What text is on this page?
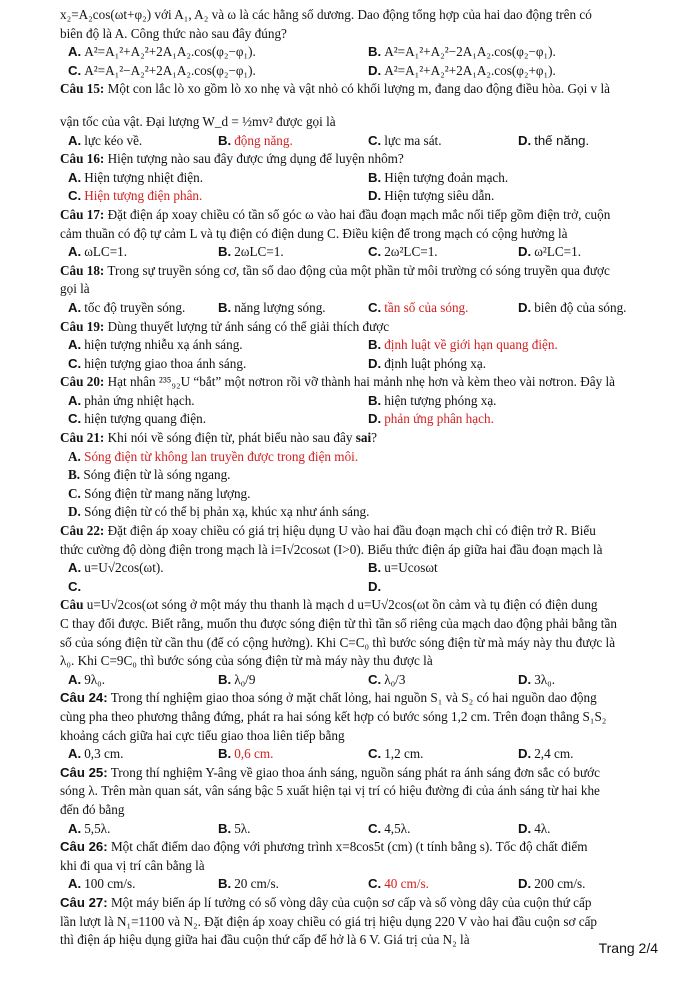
x₂=A₂cos(ωt+φ₂) với A₁, A₂ và ω là các hằng số dương. Dao động tổng hợp của hai dao động trên có
biên độ là A. Công thức nào sau đây đúng?
A. A²=A₁²+A₂²+2A₁A₂.cos(φ₂−φ₁).	B. A²=A₁²+A₂²−2A₁A₂.cos(φ₂−φ₁).
C. A²=A₁²−A₂²+2A₁A₂.cos(φ₂−φ₁).	D. A²=A₁²+A₂²+2A₁A₂.cos(φ₂+φ₁).
Câu 15: Một con lắc lò xo gồm lò xo nhẹ và vật nhỏ có khối lượng m, đang dao động điều hòa. Gọi v là
vận tốc của vật. Đại lượng W_d = ½mv² được gọi là
A. lực kéo về.	B. động năng.	C. lực ma sát.	D. thế năng.
Câu 16: Hiện tượng nào sau đây được ứng dụng để luyện nhôm?
A. Hiện tượng nhiệt điện.	B. Hiện tượng đoản mạch.
C. Hiện tượng điện phân.	D. Hiện tượng siêu dẫn.
Câu 17: Đặt điện áp xoay chiều có tần số góc ω vào hai đầu đoạn mạch mắc nối tiếp gồm điện trở, cuộn
cảm thuần có độ tự cảm L và tụ điện có điện dung C. Điều kiện để trong mạch có cộng hưởng là
A. ωLC=1.	B. 2ωLC=1.	C. 2ω²LC=1.	D. ω²LC=1.
Câu 18: Trong sự truyền sóng cơ, tần số dao động của một phần tử môi trường có sóng truyền qua được
gọi là
A. tốc độ truyền sóng.	B. năng lượng sóng.	C. tần số của sóng.	D. biên độ của sóng.
Câu 19: Dùng thuyết lượng tử ánh sáng có thể giải thích được
A. hiện tượng nhiễu xạ ánh sáng.	B. định luật về giới hạn quang điện.
C. hiện tượng giao thoa ánh sáng.	D. định luật phóng xạ.
Câu 20: Hạt nhân ²³⁵₉₂U “bắt” một nơtron rồi vỡ thành hai mảnh nhẹ hơn và kèm theo vài nơtron. Đây là
A. phản ứng nhiệt hạch.	B. hiện tượng phóng xạ.
C. hiện tượng quang điện.	D. phản ứng phân hạch.
Câu 21: Khi nói về sóng điện từ, phát biểu nào sau đây sai?
A. Sóng điện từ không lan truyền được trong điện môi.
B. Sóng điện từ là sóng ngang.
C. Sóng điện từ mang năng lượng.
D. Sóng điện từ có thể bị phản xạ, khúc xạ như ánh sáng.
Câu 22: Đặt điện áp xoay chiều có giá trị hiệu dụng U vào hai đầu đoạn mạch chỉ có điện trở R. Biểu
thức cường độ dòng điện trong mạch là i=I√2cosωt (I>0). Biểu thức điện áp giữa hai đầu đoạn mạch là
A. u=U√2cos(ωt).	B. u=Ucosωt
C.	D.
Câu u=U√2cos(ωt sóng ở một máy thu thanh là mạch d u=U√2cos(ωt ồn cảm và tụ điện có điện dung
C thay đổi được. Biết rằng, muốn thu được sóng điện từ thì tần số riêng của mạch dao động phải bằng tần
số của sóng điện từ cần thu (để có cộng hưởng). Khi C=C₀ thì bước sóng điện từ mà máy này thu được là
λ₀. Khi C=9C₀ thì bước sóng của sóng điện từ mà máy này thu được là
A. 9λ₀.	B. λ₀/9	C. λ₀/3	D. 3λ₀.
Câu 24: Trong thí nghiệm giao thoa sóng ở mặt chất lỏng, hai nguồn S₁ và S₂ có hai nguồn dao động
cùng pha theo phương thẳng đứng, phát ra hai sóng kết hợp có bước sóng 1,2 cm. Trên đoạn thẳng S₁S₂
khoảng cách giữa hai cực tiểu giao thoa liên tiếp bằng
A. 0,3 cm.	B. 0,6 cm.	C. 1,2 cm.	D. 2,4 cm.
Câu 25: Trong thí nghiệm Y-âng về giao thoa ánh sáng, nguồn sáng phát ra ánh sáng đơn sắc có bước
sóng λ. Trên màn quan sát, vân sáng bậc 5 xuất hiện tại vị trí có hiệu đường đi của ánh sáng từ hai khe
đến đó bằng
A. 5,5λ.	B. 5λ.	C. 4,5λ.	D. 4λ.
Câu 26: Một chất điểm dao động với phương trình x=8cos5t (cm) (t tính bằng s). Tốc độ chất điểm
khi đi qua vị trí cân bằng là
A. 100 cm/s.	B. 20 cm/s.	C. 40 cm/s.	D. 200 cm/s.
Câu 27: Một máy biến áp lí tưởng có số vòng dây của cuộn sơ cấp và số vòng dây của cuộn thứ cấp
lần lượt là N₁=1100 và N₂. Đặt điện áp xoay chiều có giá trị hiệu dụng 220 V vào hai đầu cuộn sơ cấp
thì điện áp hiệu dụng giữa hai đầu cuộn thứ cấp để hở là 6 V. Giá trị của N₂ là
Trang 2/4
